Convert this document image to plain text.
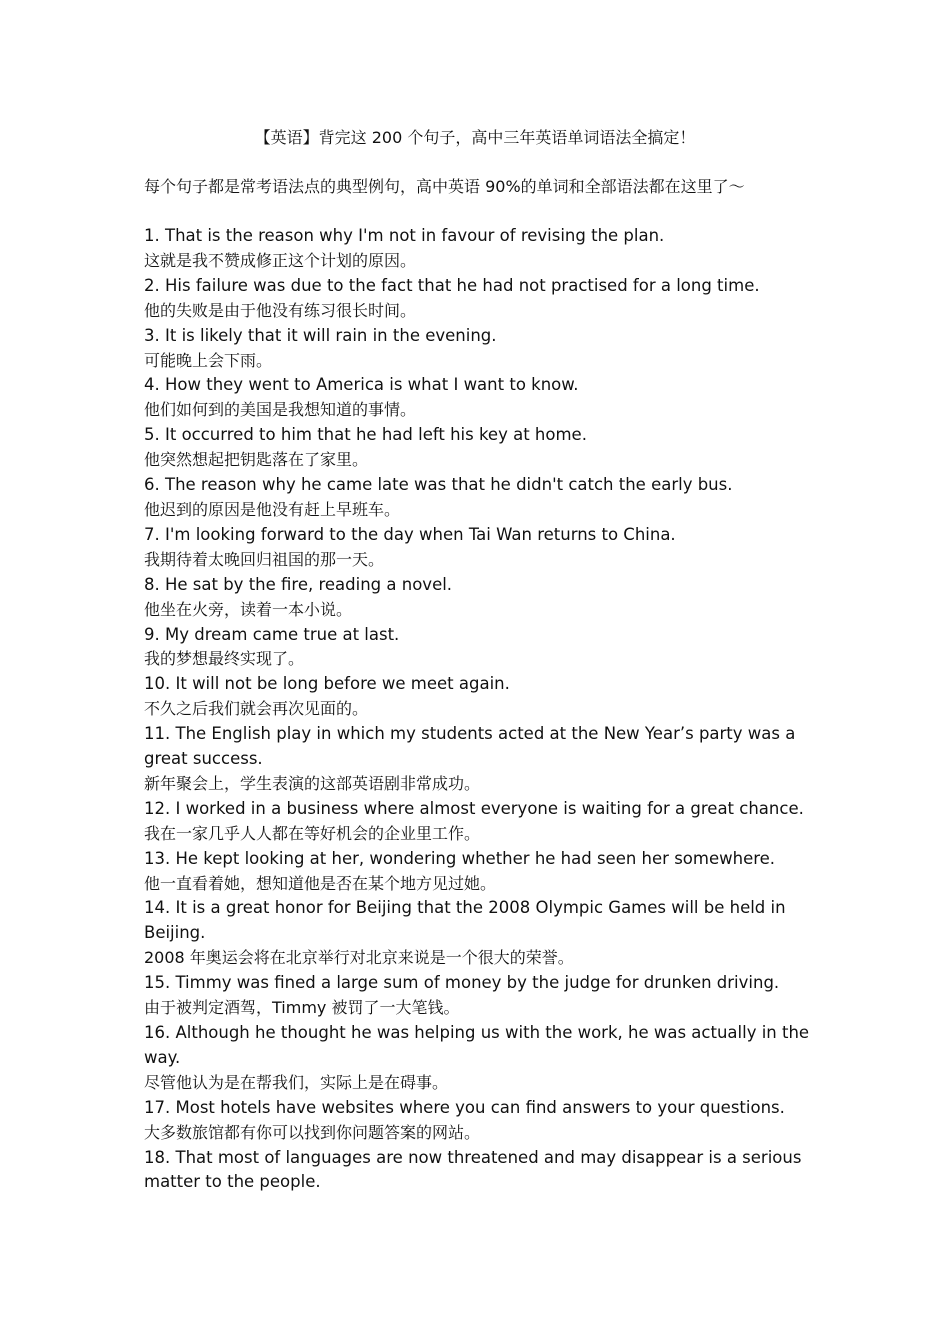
【英语】背完这 200 个句子，高中三年英语单词语法全搞定！
每个句子都是常考语法点的典型例句，高中英语 90%的单词和全部语法都在这里了～
1. That is the reason why I'm not in favour of revising the plan.
这就是我不赞成修正这个计划的原因。
2. His failure was due to the fact that he had not practised for a long time.
他的失败是由于他没有练习很长时间。
3. It is likely that it will rain in the evening.
可能晚上会下雨。
4. How they went to America is what I want to know.
他们如何到的美国是我想知道的事情。
5. It occurred to him that he had left his key at home.
他突然想起把钥匙落在了家里。
6. The reason why he came late was that he didn't catch the early bus.
他迟到的原因是他没有赶上早班车。
7. I'm looking forward to the day when Tai Wan returns to China.
我期待着太晚回归祖国的那一天。
8. He sat by the fire, reading a novel.
他坐在火旁，读着一本小说。
9. My dream came true at last.
我的梦想最终实现了。
10. It will not be long before we meet again.
不久之后我们就会再次见面的。
11. The English play in which my students acted at the New Year’s party was a great success.
新年聚会上，学生表演的这部英语剧非常成功。
12. I worked in a business where almost everyone is waiting for a great chance.
我在一家几乎人人都在等好机会的企业里工作。
13. He kept looking at her, wondering whether he had seen her somewhere.
他一直看着她，想知道他是否在某个地方见过她。
14. It is a great honor for Beijing that the 2008 Olympic Games will be held in Beijing.
2008 年奥运会将在北京举行对北京来说是一个很大的荣誉。
15. Timmy was fined a large sum of money by the judge for drunken driving.
由于被判定酒驾，Timmy 被罚了一大笔钱。
16. Although he thought he was helping us with the work, he was actually in the way.
尽管他认为是在帮我们，实际上是在碍事。
17. Most hotels have websites where you can find answers to your questions.
大多数旅馆都有你可以找到你问题答案的网站。
18. That most of languages are now threatened and may disappear is a serious matter to the people.
